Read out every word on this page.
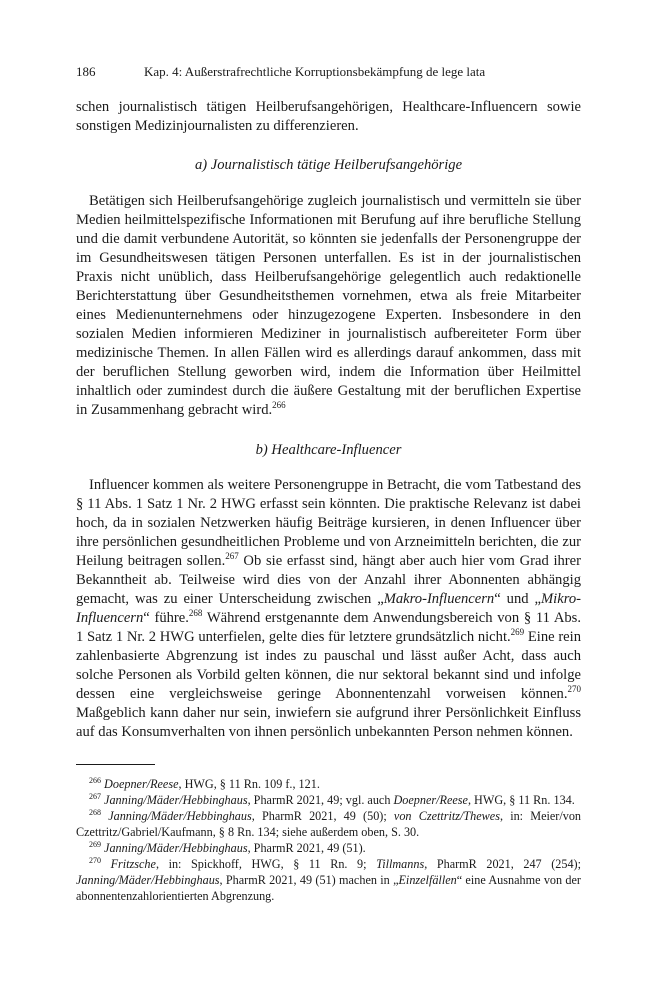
186	Kap. 4: Außerstrafrechtliche Korruptionsbekämpfung de lege lata

schen journalistisch tätigen Heilberufsangehörigen, Healthcare-Influencern sowie sonstigen Medizinjournalisten zu differenzieren.

a) Journalistisch tätige Heilberufsangehörige

Betätigen sich Heilberufsangehörige zugleich journalistisch und vermitteln sie über Medien heilmittelspezifische Informationen mit Berufung auf ihre berufliche Stellung und die damit verbundene Autorität, so könnten sie jedenfalls der Personengruppe der im Gesundheitswesen tätigen Personen unterfallen. Es ist in der journalistischen Praxis nicht unüblich, dass Heilberufsangehörige gelegentlich auch redaktionelle Berichterstattung über Gesundheitsthemen vornehmen, etwa als freie Mitarbeiter eines Medienunternehmens oder hinzugezogene Experten. Insbesondere in den sozialen Medien informieren Mediziner in journalistisch aufbereiteter Form über medizinische Themen. In allen Fällen wird es allerdings darauf ankommen, dass mit der beruflichen Stellung geworben wird, indem die Information über Heilmittel inhaltlich oder zumindest durch die äußere Gestaltung mit der beruflichen Expertise in Zusammenhang gebracht wird.$^{266}$

b) Healthcare-Influencer

Influencer kommen als weitere Personengruppe in Betracht, die vom Tatbestand des § 11 Abs. 1 Satz 1 Nr. 2 HWG erfasst sein könnten. Die praktische Relevanz ist dabei hoch, da in sozialen Netzwerken häufig Beiträge kursieren, in denen Influencer über ihre persönlichen gesundheitlichen Probleme und von Arzneimitteln berichten, die zur Heilung beitragen sollen.$^{267}$ Ob sie erfasst sind, hängt aber auch hier vom Grad ihrer Bekanntheit ab. Teilweise wird dies von der Anzahl ihrer Abonnenten abhängig gemacht, was zu einer Unterscheidung zwischen „Makro-Influencern“ und „Mikro-Influencern“ führe.$^{268}$ Während erstgenannte dem Anwendungsbereich von § 11 Abs. 1 Satz 1 Nr. 2 HWG unterfielen, gelte dies für letztere grundsätzlich nicht.$^{269}$ Eine rein zahlenbasierte Abgrenzung ist indes zu pauschal und lässt außer Acht, dass auch solche Personen als Vorbild gelten können, die nur sektoral bekannt sind und infolge dessen eine vergleichsweise geringe Abonnentenzahl vorweisen können.$^{270}$ Maßgeblich kann daher nur sein, inwiefern sie aufgrund ihrer Persönlichkeit Einfluss auf das Konsumverhalten von ihnen persönlich unbekannten Person nehmen können.

$^{266}$ Doepner/Reese, HWG, § 11 Rn. 109 f., 121.

$^{267}$ Janning/Mäder/Hebbinghaus, PharmR 2021, 49; vgl. auch Doepner/Reese, HWG, § 11 Rn. 134.

$^{268}$ Janning/Mäder/Hebbinghaus, PharmR 2021, 49 (50); von Czettritz/Thewes, in: Meier/von Czettritz/Gabriel/Kaufmann, § 8 Rn. 134; siehe außerdem oben, S. 30.

$^{269}$ Janning/Mäder/Hebbinghaus, PharmR 2021, 49 (51).

$^{270}$ Fritzsche, in: Spickhoff, HWG, § 11 Rn. 9; Tillmanns, PharmR 2021, 247 (254); Janning/Mäder/Hebbinghaus, PharmR 2021, 49 (51) machen in „Einzelfällen“ eine Ausnahme von der abonnentenzahlorientierten Abgrenzung.
